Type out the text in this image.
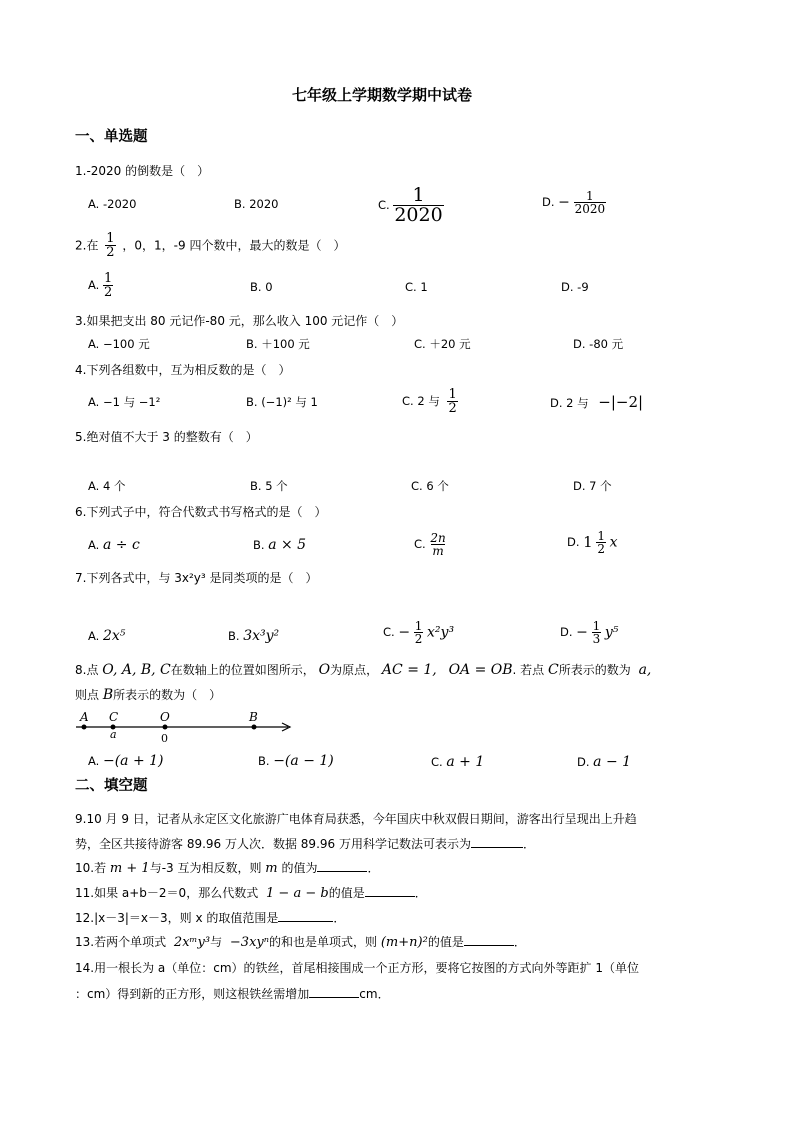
七年级上学期数学期中试卷
一、单选题
1.-2020 的倒数是（　）
A. -2020	B. 2020	C. $\frac{1}{2020}$	D. − $\frac{1}{2020}$
2.在 $\frac{1}{2}$ ，0，1，-9 四个数中，最大的数是（　）
A. $\frac{1}{2}$	B. 0	C. 1	D. -9
3.如果把支出 80 元记作-80 元，那么收入 100 元记作（　）
A. −100 元	B. ＋100 元	C. ＋20 元	D. -80 元
4.下列各组数中，互为相反数的是（　）
A. −1 与 −1²	B. (−1)² 与 1	C. 2 与 $\frac{1}{2}$	D. 2 与 −|−2|
5.绝对值不大于 3 的整数有（　）
A. 4 个	B. 5 个	C. 6 个	D. 7 个
6.下列式子中，符合代数式书写格式的是（　）
A. a ÷ c	B. a × 5	C. $\frac{2n}{m}$	D. $1 \frac{1}{2}$ x
7.下列各式中，与 3x²y³ 是同类项的是（　）
A. 2x⁵	B. 3x³y²	C. − $\frac{1}{2} x^2y^3$	D. − $\frac{1}{3} y^5$
8.点 O, A, B, C在数轴上的位置如图所示， O为原点， AC = 1, OA = OB. 若点 C所表示的数为 a,
则点 B所表示的数为（　）
A C	O	B
a	0
A. −(a + 1)	B. −(a − 1)	C. a + 1	D. a − 1
二、填空题
9.10 月 9 日，记者从永定区文化旅游广电体育局获悉，今年国庆中秋双假日期间，游客出行呈现出上升趋
势，全区共接待游客 89.96 万人次．数据 89.96 万用科学记数法可表示为	．
10.若 m + 1与-3 互为相反数，则 m 的值为	．
11.如果 a+b－2＝0，那么代数式 1 − a − b的值是	．
12.|x－3|＝x－3，则 x 的取值范围是	．
13.若两个单项式 2xᵐy³与 −3xyⁿ的和也是单项式，则 (m+n)²的值是	．
14.用一根长为 a（单位：cm）的铁丝，首尾相接围成一个正方形，要将它按图的方式向外等距扩 1（单位
：cm）得到新的正方形，则这根铁丝需增加	cm．
